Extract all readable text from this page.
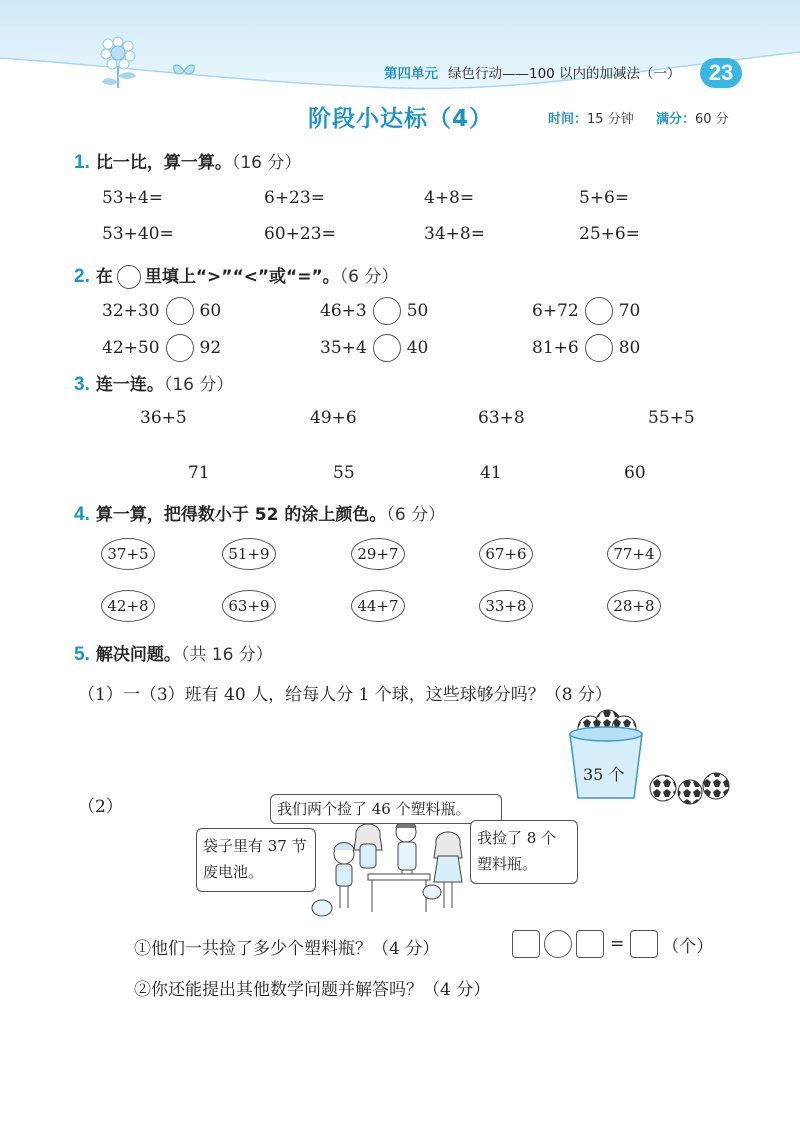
第四单元 绿色行动——100 以内的加减法（一）	23
阶段小达标（4）	时间：15 分钟 满分：60 分
1. 比一比，算一算。（16 分）
53+4=	6+23=	4+8=	5+6=
53+40=	60+23=	34+8=	25+6=
2. 在 里填上“>”“<”或“=”。（6 分）
32+30 60	46+3 50	6+72 70
42+50 92	35+4 40	81+6 80
3. 连一连。（16 分）
36+5	49+6	63+8	55+5
71	55	41	60
4. 算一算，把得数小于 52 的涂上颜色。（6 分）
37+5	51+9	29+7	67+6	77+4
42+8	63+9	44+7	33+8	28+8
5. 解决问题。（共 16 分）
（1）一（3）班有 40 人，给每人分 1 个球，这些球够分吗？（8 分）
35 个
（2）	我们两个捡了 46 个塑料瓶。
袋子里有 37 节
废电池。
我捡了 8 个
塑料瓶。
①他们一共捡了多少个塑料瓶？（4 分）	= （个）
②你还能提出其他数学问题并解答吗？（4 分）
